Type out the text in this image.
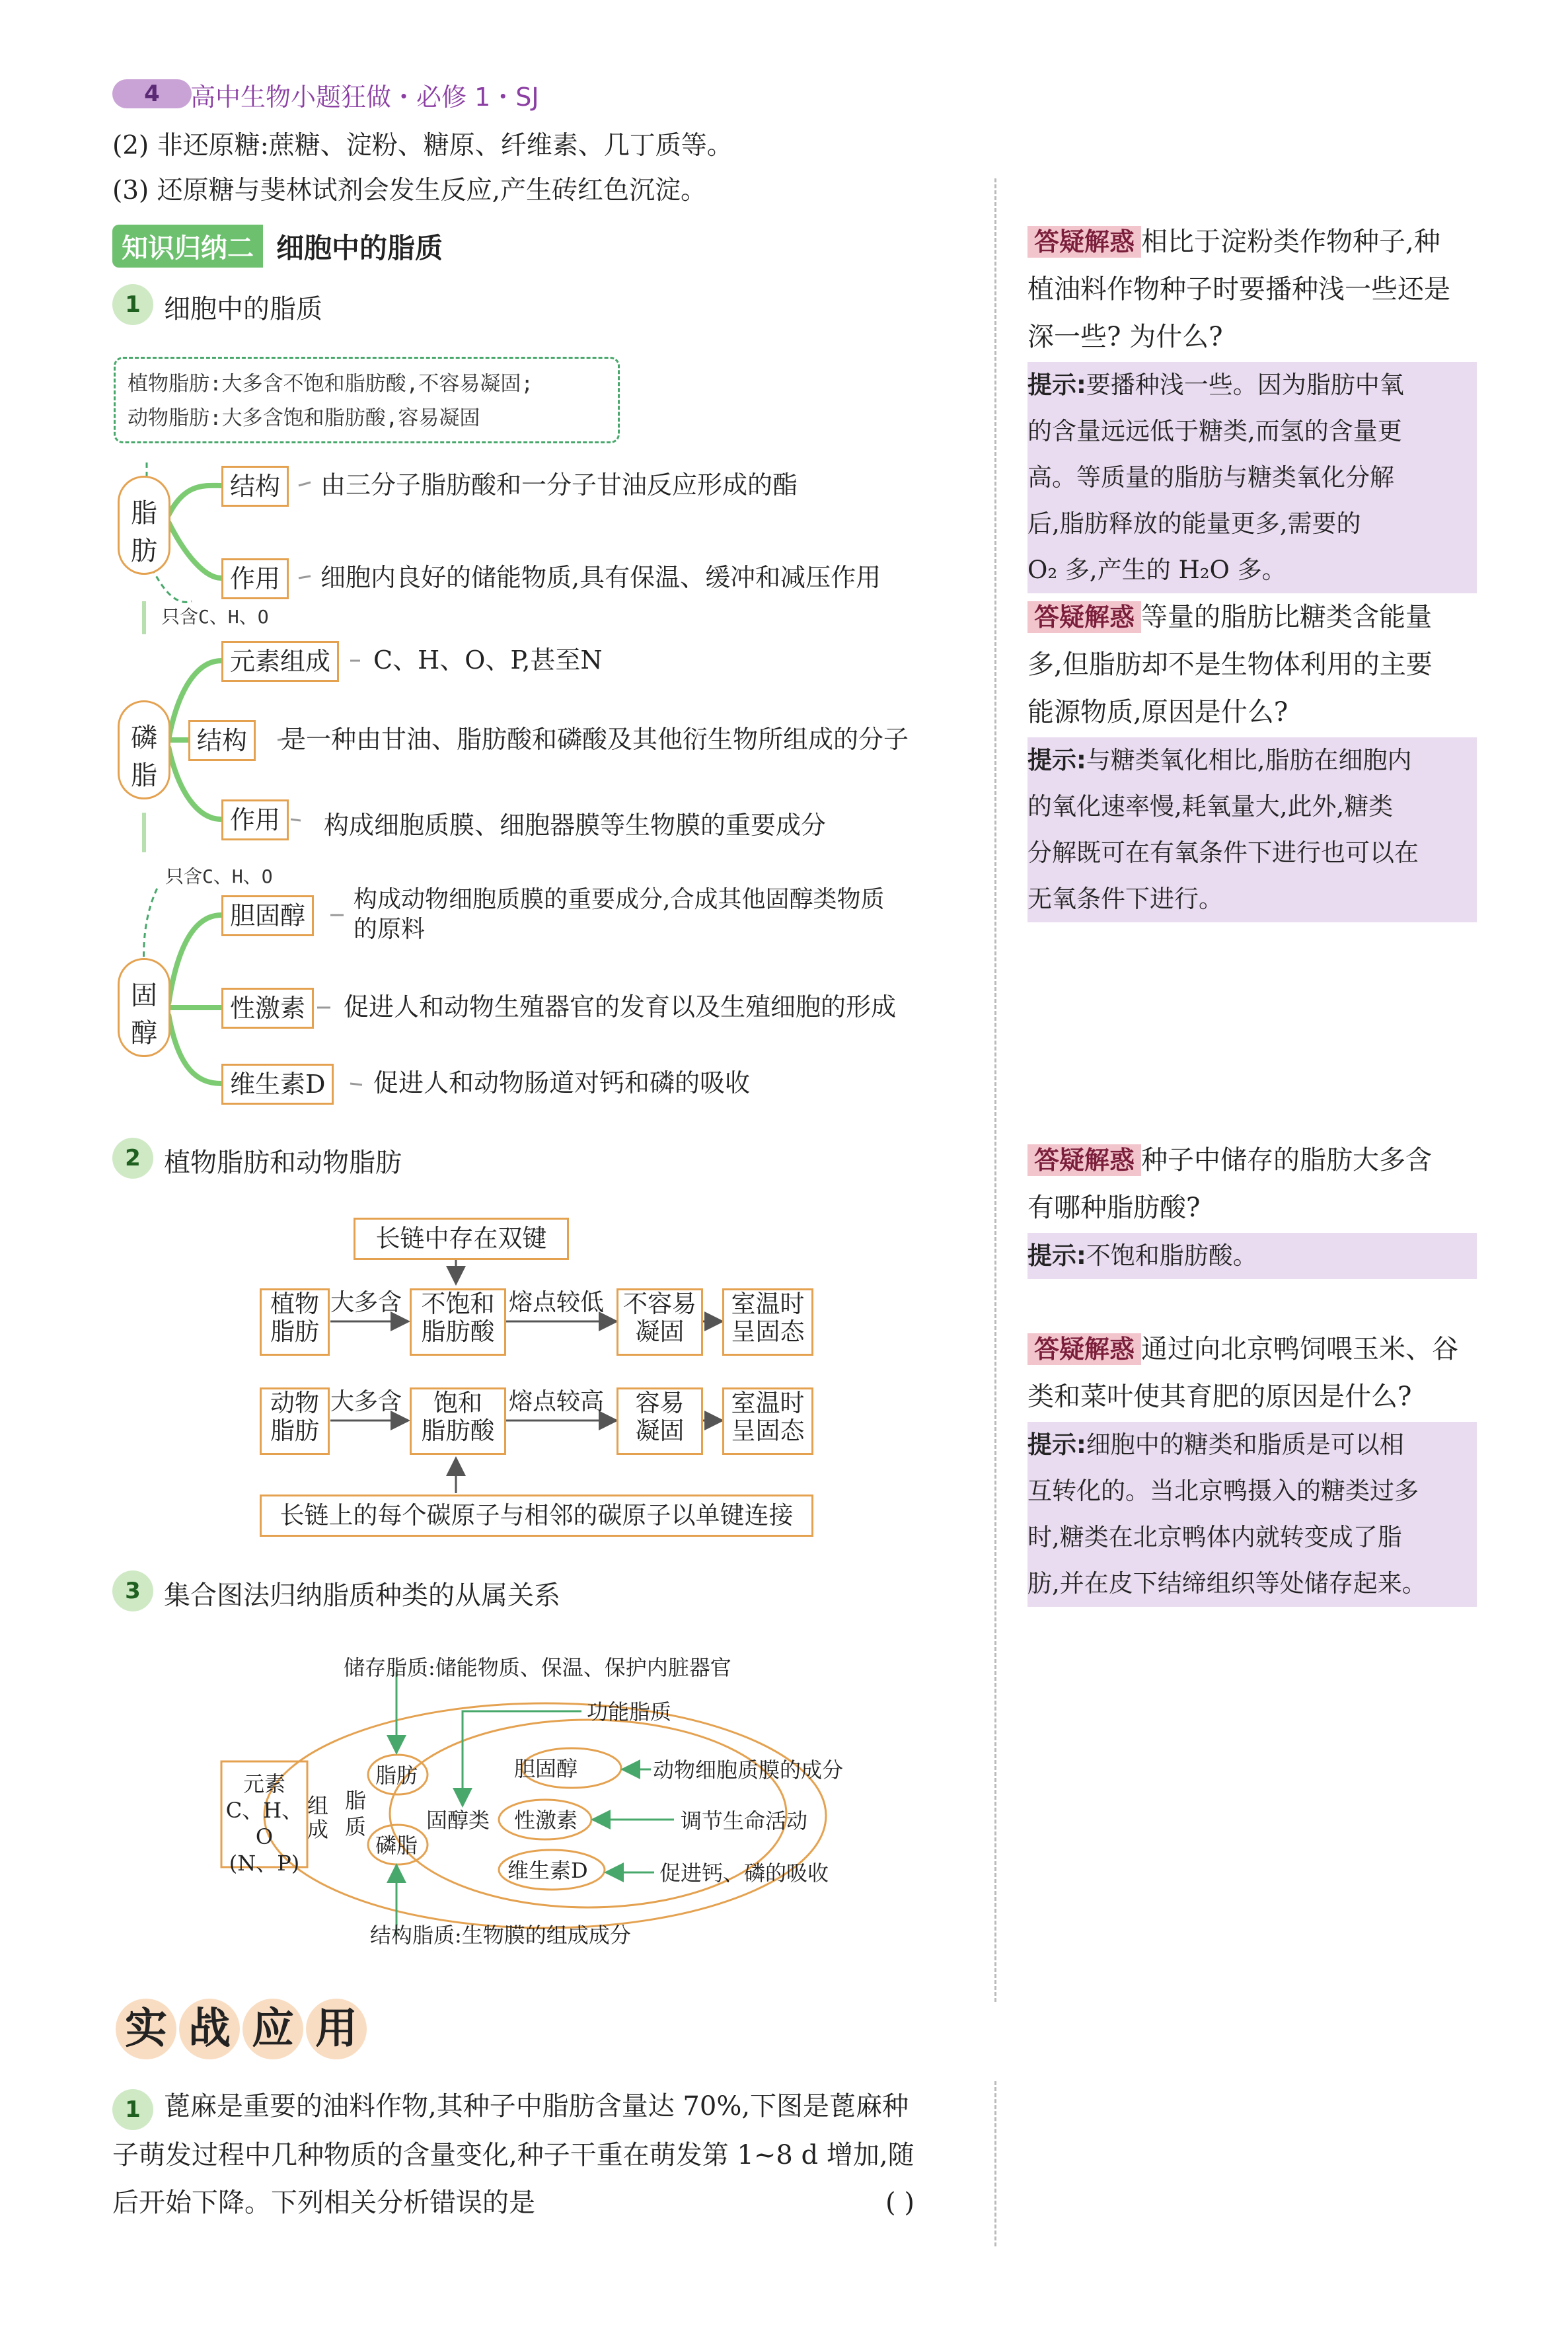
4	高中生物小题狂做・必修 1・SJ
(2) 非还原糖:蔗糖、淀粉、糖原、纤维素、几丁质等。
(3) 还原糖与斐林试剂会发生反应,产生砖红色沉淀。
知识归纳二 细胞中的脂质
1 细胞中的脂质
植物脂肪:大多含不饱和脂肪酸,不容易凝固;
动物脂肪:大多含饱和脂肪酸,容易凝固
脂
肪
结构	由三分子脂肪酸和一分子甘油反应形成的酯
作用	细胞内良好的储能物质,具有保温、缓冲和减压作用
只含C、H、O
磷
脂
元素组成	C、H、O、P,甚至N
结构	是一种由甘油、脂肪酸和磷酸及其他衍生物所组成的分子
作用	构成细胞质膜、细胞器膜等生物膜的重要成分
只含C、H、O
固
醇
胆固醇
构成动物细胞质膜的重要成分,合成其他固醇类物质
的原料
性激素	促进人和动物生殖器官的发育以及生殖细胞的形成
维生素D	促进人和动物肠道对钙和磷的吸收
2 植物脂肪和动物脂肪
长链中存在双键
植物
脂肪
大多含 不饱和
脂肪酸
熔点较低 不容易
凝固
室温时
呈固态
动物
脂肪
大多含	饱和
脂肪酸
熔点较高	容易
凝固
室温时
呈固态
长链上的每个碳原子与相邻的碳原子以单键连接
3 集合图法归纳脂质种类的从属关系
储存脂质:储能物质、保温、保护内脏器官
功能脂质
元素
C、H、O
(N、P)
组
成
脂
质
脂肪
磷脂
固醇类
胆固醇
性激素
维生素D
动物细胞质膜的成分
调节生命活动
促进钙、磷的吸收
结构脂质:生物膜的组成成分
实 战 应 用
1 蓖麻是重要的油料作物,其种子中脂肪含量达 70%,下图是蓖麻种
子萌发过程中几种物质的含量变化,种子干重在萌发第 1~8 d 增加,随
后开始下降。下列相关分析错误的是	( )
答疑解惑 相比于淀粉类作物种子,种
植油料作物种子时要播种浅一些还是
深一些? 为什么?
提示:要播种浅一些。因为脂肪中氧
的含量远远低于糖类,而氢的含量更
高。等质量的脂肪与糖类氧化分解
后,脂肪释放的能量更多,需要的
O₂ 多,产生的 H₂O 多。
答疑解惑 等量的脂肪比糖类含能量
多,但脂肪却不是生物体利用的主要
能源物质,原因是什么?
提示:与糖类氧化相比,脂肪在细胞内
的氧化速率慢,耗氧量大,此外,糖类
分解既可在有氧条件下进行也可以在
无氧条件下进行。
答疑解惑 种子中储存的脂肪大多含
有哪种脂肪酸?
提示:不饱和脂肪酸。
答疑解惑 通过向北京鸭饲喂玉米、谷
类和菜叶使其育肥的原因是什么?
提示:细胞中的糖类和脂质是可以相
互转化的。当北京鸭摄入的糖类过多
时,糖类在北京鸭体内就转变成了脂
肪,并在皮下结缔组织等处储存起来。
